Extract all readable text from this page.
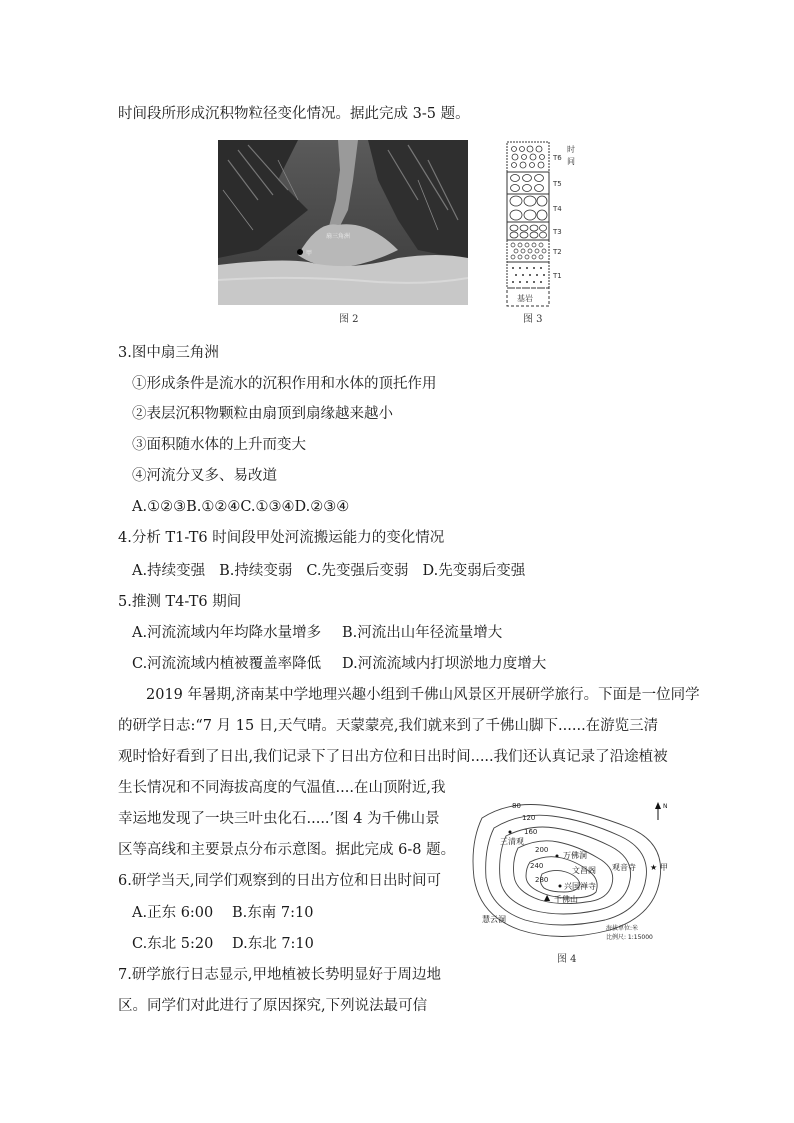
时间段所形成沉积物粒径变化情况。据此完成 3-5 题。
甲
扇三角洲
图 2
基岩
T6
T5
T4
T3
T2
T1
时间
图 3
3.图中扇三角洲
①形成条件是流水的沉积作用和水体的顶托作用
②表层沉积物颗粒由扇顶到扇缘越来越小
③面积随水体的上升而变大
④河流分叉多、易改道
A.①②③B.①②④C.①③④D.②③④
4.分析 T1-T6 时间段甲处河流搬运能力的变化情况
A.持续变强 B.持续变弱 C.先变强后变弱 D.先变弱后变强
5.推测 T4-T6 期间
A.河流流域内年均降水量增多 B.河流出山年径流量增大
C.河流流域内植被覆盖率降低 D.河流流域内打坝淤地力度增大
2019 年暑期,济南某中学地理兴趣小组到千佛山风景区开展研学旅行。下面是一位同学
的研学日志:“7 月 15 日,天气晴。天蒙蒙亮,我们就来到了千佛山脚下......在游览三清
观时恰好看到了日出,我们记录下了日出方位和日出时间.....我们还认真记录了沿途植被
生长情况和不同海拔高度的气温值....在山顶附近,我
幸运地发现了一块三叶虫化石.....’图 4 为千佛山景
区等高线和主要景点分布示意图。据此完成 6-8 题。
6.研学当天,同学们观察到的日出方位和日出时间可
A.正东 6:00 B.东南 7:10
C.东北 5:20 D.东北 7:10
7.研学旅行日志显示,甲地植被长势明显好于周边地
区。同学们对此进行了原因探究,下列说法最可信
80
120
160
200
240
280
三清观
万佛洞
文昌阁 观音寺 ★ 甲
兴国禅寺
▲ 千佛山
慧云洞
N
海拔单位:米
比例尺: 1:15000
图 4
